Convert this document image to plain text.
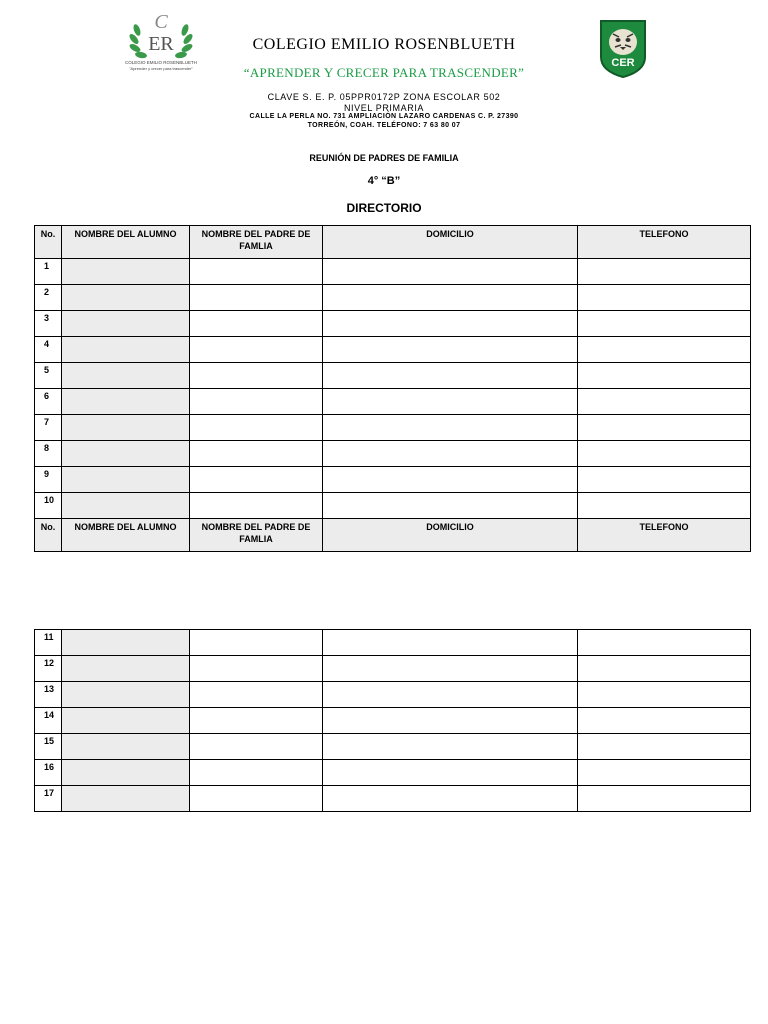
C
ER
COLEGIO EMILIO ROSENBLUETH
"Aprender y crecer para trascender"	CER
COLEGIO EMILIO ROSENBLUETH
“APRENDER Y CRECER PARA TRASCENDER”
CLAVE S. E. P. 05PPR0172P ZONA ESCOLAR 502
NIVEL PRIMARIA
CALLE LA PERLA NO. 731 AMPLIACIÓN LAZARO CARDENAS C. P. 27390
TORREÓN, COAH. TELÉFONO: 7 63 80 07
REUNIÓN DE PADRES DE FAMILIA
4° “B”
DIRECTORIO
No.	NOMBRE DEL ALUMNO	NOMBRE DEL PADRE DE FAMLIA	DOMICILIO	TELEFONO
1				
2				
3				
4				
5				
6				
7				
8				
9				
10				
No.	NOMBRE DEL ALUMNO	NOMBRE DEL PADRE DE FAMLIA	DOMICILIO	TELEFONO
11				
12				
13				
14				
15				
16				
17				
